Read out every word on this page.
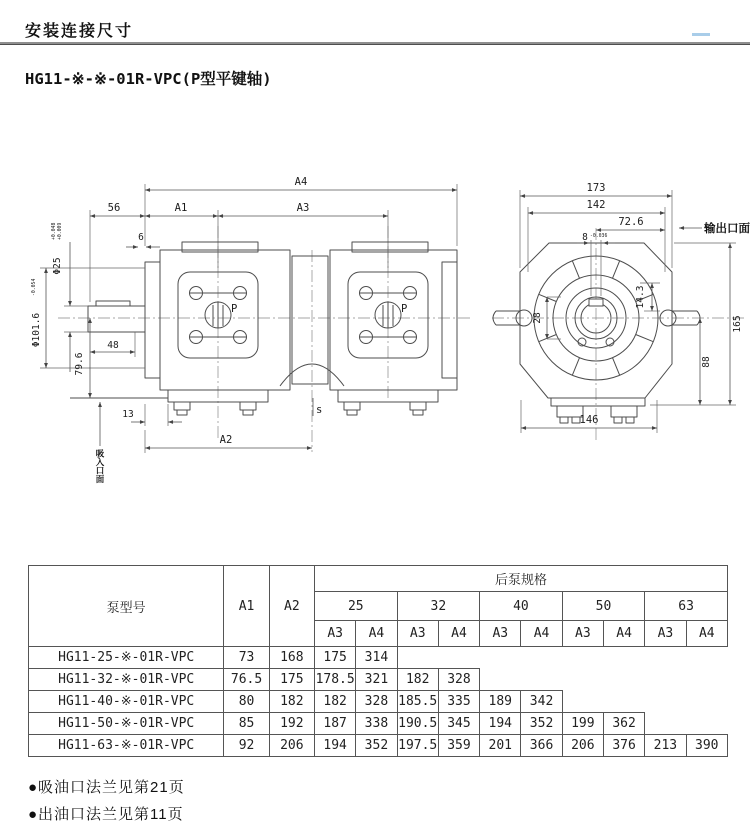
安装连接尺寸
HG11-※-※-01R-VPC(P型平键轴)
P	P
A4
56	A1	A3
6
Φ25
+0.048 +0.009
Φ101.6
-0.054
79.6
48
13
A2
s
吸入口面
173
142
72.6
8 -0.036
输出口面
28
14.3
165
88
146
泵型号	A1	A2	后泵规格									
			25		32		40		50		63	
			A3	A4	A3	A4	A3	A4	A3	A4	A3	A4
HG11-25-※-01R-VPC	73	168	175	314								
HG11-32-※-01R-VPC	76.5	175	178.5	321	182	328						
HG11-40-※-01R-VPC	80	182	182	328	185.5	335	189	342				
HG11-50-※-01R-VPC	85	192	187	338	190.5	345	194	352	199	362		
HG11-63-※-01R-VPC	92	206	194	352	197.5	359	201	366	206	376	213	390
●吸油口法兰见第21页
●出油口法兰见第11页
